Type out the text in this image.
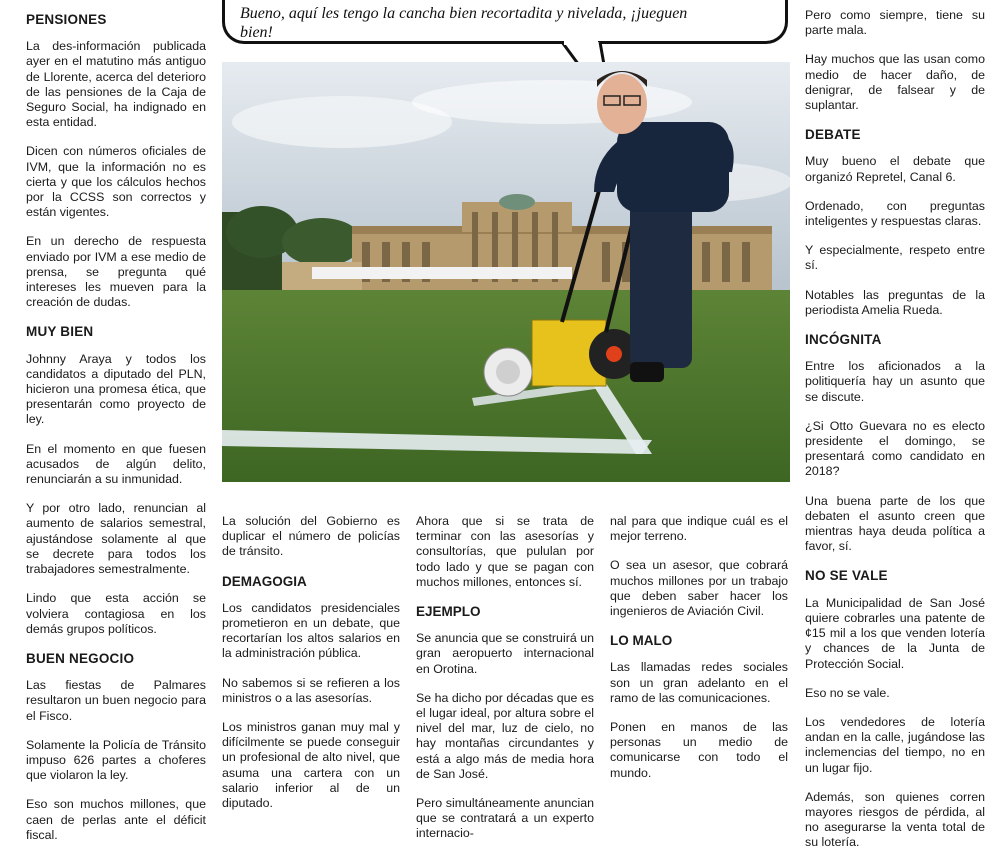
PENSIONES

La des-información publicada ayer en el matutino más antiguo de Llorente, acerca del deterioro de las pensiones de la Caja de Seguro Social, ha indignado en esta entidad.

Dicen con números oficiales de IVM, que la información no es cierta y que los cálculos hechos por la CCSS son correctos y están vigentes.

En un derecho de respuesta enviado por IVM a ese medio de prensa, se pregunta qué intereses les mueven para la creación de dudas.

MUY BIEN

Johnny Araya y todos los candidatos a diputado del PLN, hicieron una promesa ética, que presentarán como proyecto de ley.

En el momento en que fuesen acusados de algún delito, renunciarán a su inmunidad.

Y por otro lado, renuncian al aumento de salarios semestral, ajustándose solamente al que se decrete para todos los trabajadores semestralmente.

Lindo que esta acción se volviera contagiosa en los demás grupos políticos.

BUEN NEGOCIO

Las fiestas de Palmares resultaron un buen negocio para el Fisco.

Solamente la Policía de Tránsito impuso 626 partes a choferes que violaron la ley.

Eso son muchos millones, que caen de perlas ante el déficit fiscal.

Bueno, aquí les tengo la cancha bien recortadita y nivelada, ¡jueguen bien!

Pero como siempre, tiene su parte mala.

Hay muchos que las usan como medio de hacer daño, de denigrar, de falsear y de suplantar.

DEBATE

Muy bueno el debate que organizó Repretel, Canal 6.

Ordenado, con preguntas inteligentes y respuestas claras.

Y especialmente, respeto entre sí.

Notables las preguntas de la periodista Amelia Rueda.

INCÓGNITA

Entre los aficionados a la politiquería hay un asunto que se discute.

¿Si Otto Guevara no es electo presidente el domingo, se presentará como candidato en 2018?

Una buena parte de los que debaten el asunto creen que mientras haya deuda política a favor, sí.

NO SE VALE

La Municipalidad de San José quiere cobrarles una patente de ¢15 mil a los que venden lotería y chances de la Junta de Protección Social.

Eso no se vale.

Los vendedores de lotería andan en la calle, jugándose las inclemencias del tiempo, no en un lugar fijo.

Además, son quienes corren mayores riesgos de pérdida, al no asegurarse la venta total de su lotería.

La solución del Gobierno es duplicar el número de policías de tránsito.

DEMAGOGIA

Los candidatos presidenciales prometieron en un debate, que recortarían los altos salarios en la administración pública.

No sabemos si se refieren a los ministros o a las asesorías.

Los ministros ganan muy mal y difícilmente se puede conseguir un profesional de alto nivel, que asuma una cartera con un salario inferior al de un diputado.

Ahora que si se trata de terminar con las asesorías y consultorías, que pululan por todo lado y que se pagan con muchos millones, entonces sí.

EJEMPLO

Se anuncia que se construirá un gran aeropuerto internacional en Orotina.

Se ha dicho por décadas que es el lugar ideal, por altura sobre el nivel del mar, luz de cielo, no hay montañas circundantes y está a algo más de media hora de San José.

Pero simultáneamente anuncian que se contratará a un experto internacio-

nal para que indique cuál es el mejor terreno.

O sea un asesor, que cobrará muchos millones por un trabajo que deben saber hacer los ingenieros de Aviación Civil.

LO MALO

Las llamadas redes sociales son un gran adelanto en el ramo de las comunicaciones.

Ponen en manos de las personas un medio de comunicarse con todo el mundo.
